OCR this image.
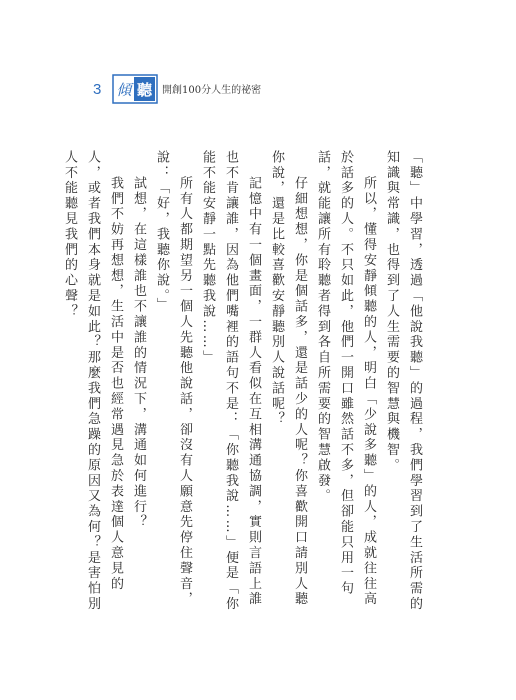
3 傾 聽 開創100分人生的祕密

「聽」中學習，透過「他說我聽」的過程，我們學習到了生活所需的知識與常識，也得到了人生需要的智慧與機智。

所以，懂得安靜傾聽的人，明白「少說多聽」的人，成就往往高於話多的人。不只如此，他們一開口雖然話不多，但卻能只用一句話，就能讓所有聆聽者得到各自所需要的智慧啟發。

仔細想想，你是個話多，還是話少的人呢？你喜歡開口請別人聽你說，還是比較喜歡安靜聽別人說話呢？

記憶中有一個畫面，一群人看似在互相溝通協調，實則言語上誰也不肯讓誰，因為他們嘴裡的語句不是：「你聽我說……」便是「你能不能安靜一點先聽我說……」

所有人都期望另一個人先聽他說話，卻沒有人願意先停住聲音，說：「好，我聽你說。」

試想，在這樣誰也不讓誰的情況下，溝通如何進行？

我們不妨再想想，生活中是否也經常遇見急於表達個人意見的人，或者我們本身就是如此？那麼我們急躁的原因又為何？是害怕別人不能聽見我們的心聲？
